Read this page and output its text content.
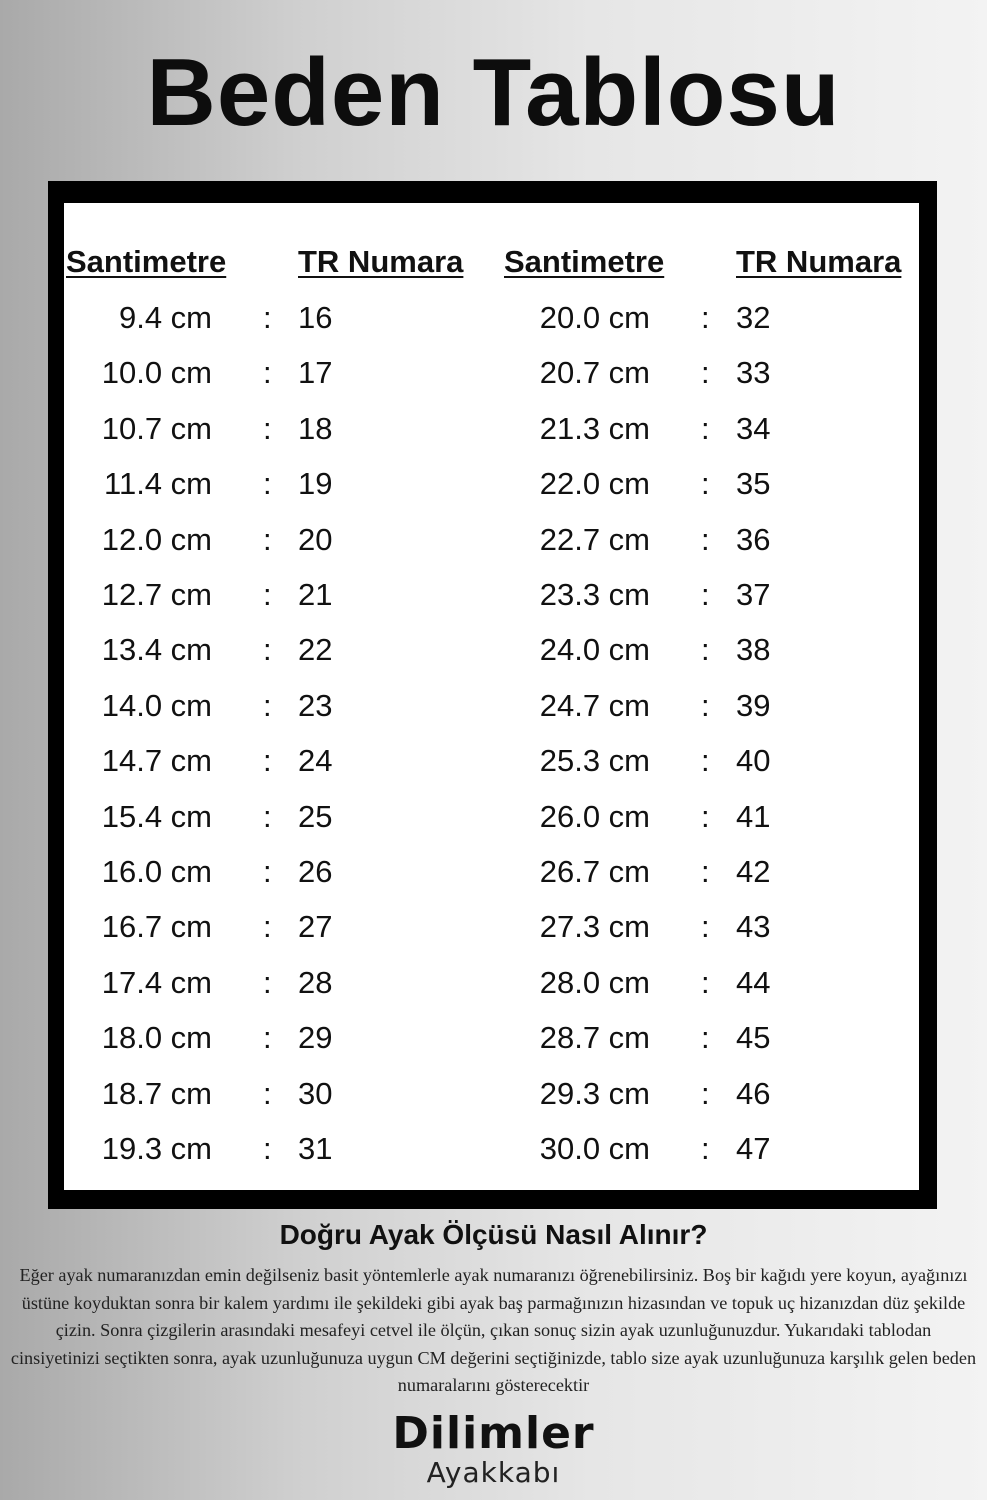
Beden Tablosu
Santimetre TR Numara Santimetre TR Numara
9.4 cm : 16
10.0 cm : 17
10.7 cm : 18
11.4 cm : 19
12.0 cm : 20
12.7 cm : 21
13.4 cm : 22
14.0 cm : 23
14.7 cm : 24
15.4 cm : 25
16.0 cm : 26
16.7 cm : 27
17.4 cm : 28
18.0 cm : 29
18.7 cm : 30
19.3 cm : 31
20.0 cm : 32
20.7 cm : 33
21.3 cm : 34
22.0 cm : 35
22.7 cm : 36
23.3 cm : 37
24.0 cm : 38
24.7 cm : 39
25.3 cm : 40
26.0 cm : 41
26.7 cm : 42
27.3 cm : 43
28.0 cm : 44
28.7 cm : 45
29.3 cm : 46
30.0 cm : 47
Doğru Ayak Ölçüsü Nasıl Alınır?
Eğer ayak numaranızdan emin değilseniz basit yöntemlerle ayak numaranızı öğrenebilirsiniz. Boş bir kağıdı yere koyun, ayağınızı üstüne koyduktan sonra bir kalem yardımı ile şekildeki gibi ayak baş parmağınızın hizasından ve topuk uç hizanızdan düz şekilde çizin. Sonra çizgilerin arasındaki mesafeyi cetvel ile ölçün, çıkan sonuç sizin ayak uzunluğunuzdur. Yukarıdaki tablodan cinsiyetinizi seçtikten sonra, ayak uzunluğunuza uygun CM değerini seçtiğinizde, tablo size ayak uzunluğunuza karşılık gelen beden numaralarını gösterecektir
Dilimler
Ayakkabı
